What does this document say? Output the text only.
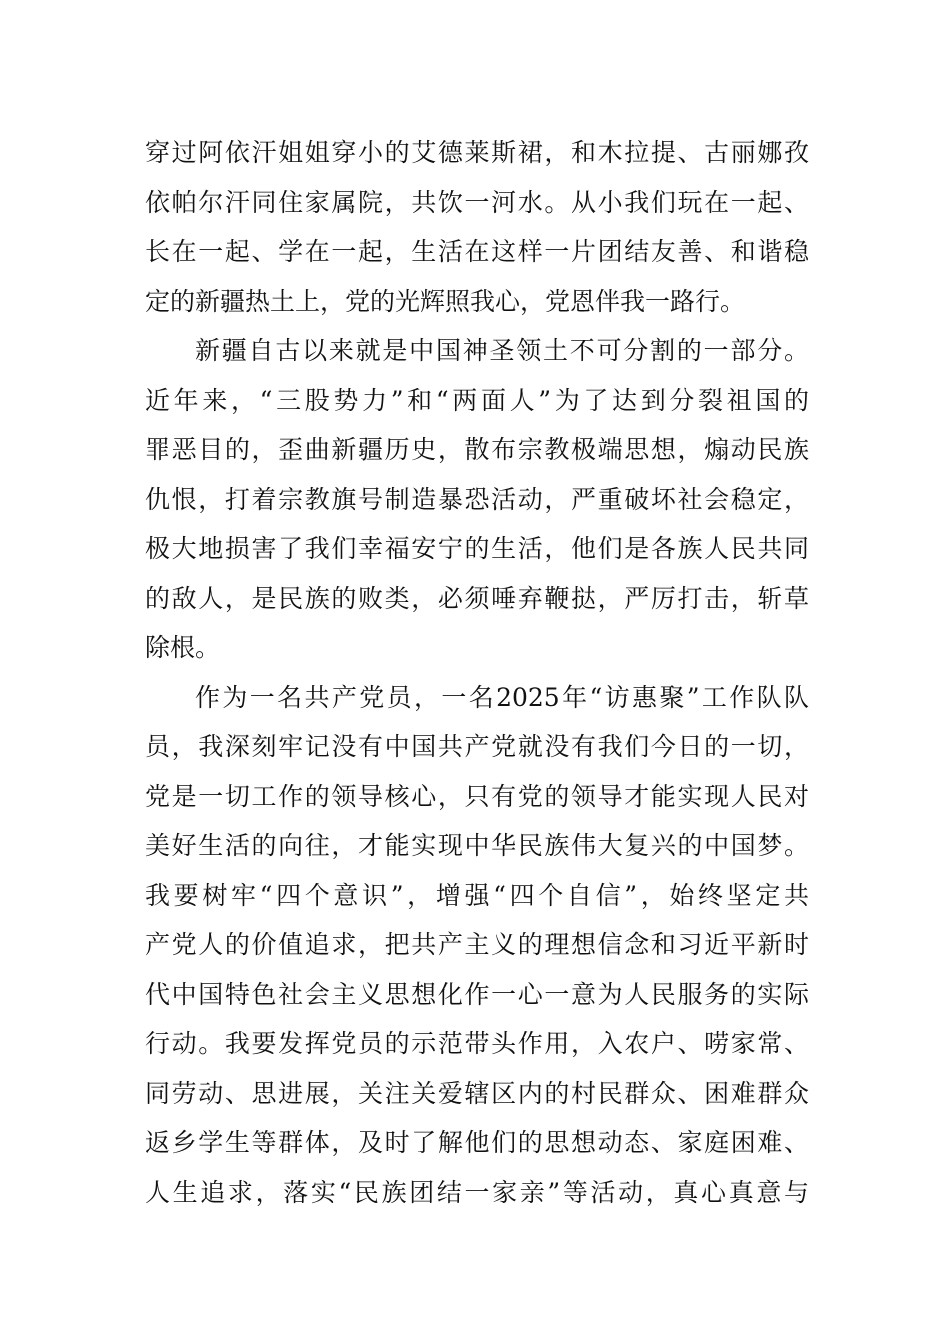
穿过阿依汗姐姐穿小的艾德莱斯裙，和木拉提、古丽娜孜
依帕尔汗同住家属院，共饮一河水。从小我们玩在一起、
长在一起、学在一起，生活在这样一片团结友善、和谐稳
定的新疆热土上，党的光辉照我心，党恩伴我一路行。
新疆自古以来就是中国神圣领土不可分割的一部分。
近年来，“三股势力”和“两面人”为了达到分裂祖国的
罪恶目的，歪曲新疆历史，散布宗教极端思想，煽动民族
仇恨，打着宗教旗号制造暴恐活动，严重破坏社会稳定，
极大地损害了我们幸福安宁的生活，他们是各族人民共同
的敌人，是民族的败类，必须唾弃鞭挞，严厉打击，斩草
除根。
作为一名共产党员，一名2025年“访惠聚”工作队队
员，我深刻牢记没有中国共产党就没有我们今日的一切，
党是一切工作的领导核心，只有党的领导才能实现人民对
美好生活的向往，才能实现中华民族伟大复兴的中国梦。
我要树牢“四个意识”，增强“四个自信”，始终坚定共
产党人的价值追求，把共产主义的理想信念和习近平新时
代中国特色社会主义思想化作一心一意为人民服务的实际
行动。我要发挥党员的示范带头作用，入农户、唠家常、
同劳动、思进展，关注关爱辖区内的村民群众、困难群众
返乡学生等群体，及时了解他们的思想动态、家庭困难、
人生追求，落实“民族团结一家亲”等活动，真心真意与
